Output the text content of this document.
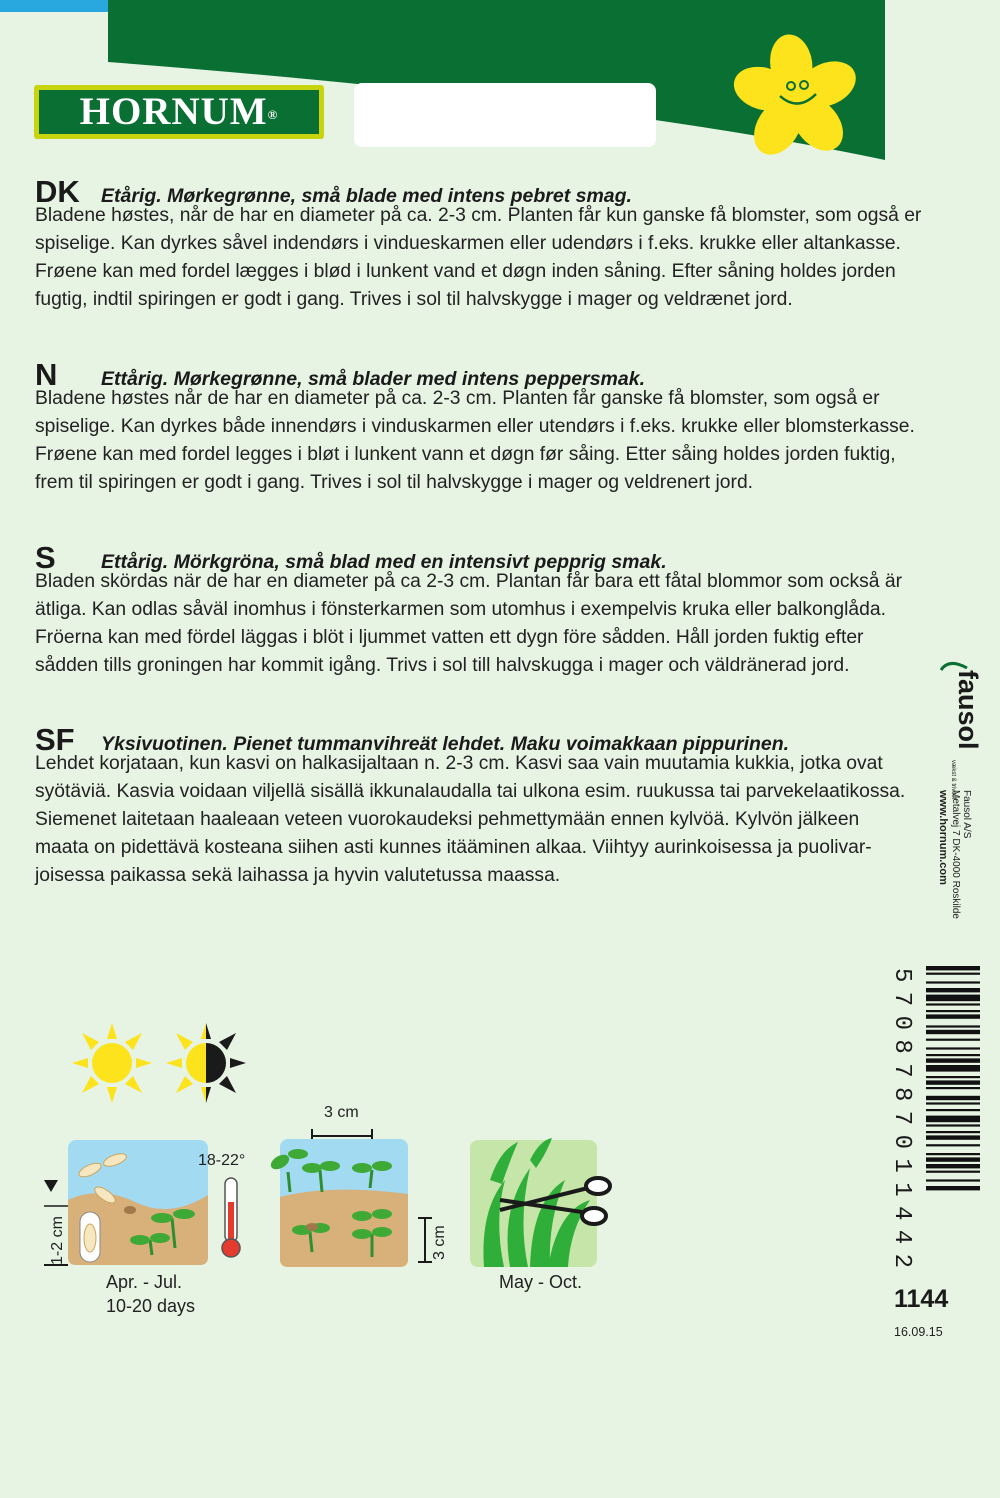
HORNUM®
DK	Etårig. Mørkegrønne, små blade med intens pebret smag.

Bladene høstes, når de har en diameter på ca. 2-3 cm. Planten får kun ganske få blomster, som også er

spiselige. Kan dyrkes såvel indendørs i vindueskarmen eller udendørs i f.eks. krukke eller altankasse.

Frøene kan med fordel lægges i blød i lunkent vand et døgn inden såning. Efter såning holdes jorden

fugtig, indtil spiringen er godt i gang. Trives i sol til halvskygge i mager og veldrænet jord.

N	Ettårig. Mørkegrønne, små blader med intens peppersmak.

Bladene høstes når de har en diameter på ca. 2-3 cm. Planten får ganske få blomster, som også er

spiselige. Kan dyrkes både innendørs i vinduskarmen eller utendørs i f.eks. krukke eller blomsterkasse.

Frøene kan med fordel legges i bløt i lunkent vann et døgn før såing. Etter såing holdes jorden fuktig,

frem til spiringen er godt i gang. Trives i sol til halvskygge i mager og veldrenert jord.

S	Ettårig. Mörkgröna, små blad med en intensivt pepprig smak.

Bladen skördas när de har en diameter på ca 2-3 cm. Plantan får bara ett fåtal blommor som också är

ätliga. Kan odlas såväl inomhus i fönsterkarmen som utomhus i exempelvis kruka eller balkonglåda.

Fröerna kan med fördel läggas i blöt i ljummet vatten ett dygn före sådden. Håll jorden fuktig efter

sådden tills groningen har kommit igång. Trivs i sol till halvskugga i mager och väldränerad jord.

SF	Yksivuotinen. Pienet tummanvihreät lehdet. Maku voimakkaan pippurinen.

Lehdet korjataan, kun kasvi on halkasijaltaan n. 2-3 cm. Kasvi saa vain muutamia kukkia, jotka ovat

syötäviä. Kasvia voidaan viljellä sisällä ikkunalaudalla tai ulkona esim. ruukussa tai parvekelaatikossa.

Siemenet laitetaan haaleaan veteen vuorokaudeksi pehmettymään ennen kylvöä. Kylvön jälkeen

maata on pidettävä kosteana siihen asti kunnes itääminen alkaa. Viihtyy aurinkoisessa ja puolivar-

joisessa paikassa sekä laihassa ja hyvin valutetussa maassa.

fausol
vækst & trivsel
Fausol A/S
Metalvej 7 DK-4000 Roskilde
www.hornum.com
5708787011442
1144
16.09.15
1-2 cm
18-22°
3 cm
3 cm
Apr. - Jul.
10-20 days
May - Oct.
